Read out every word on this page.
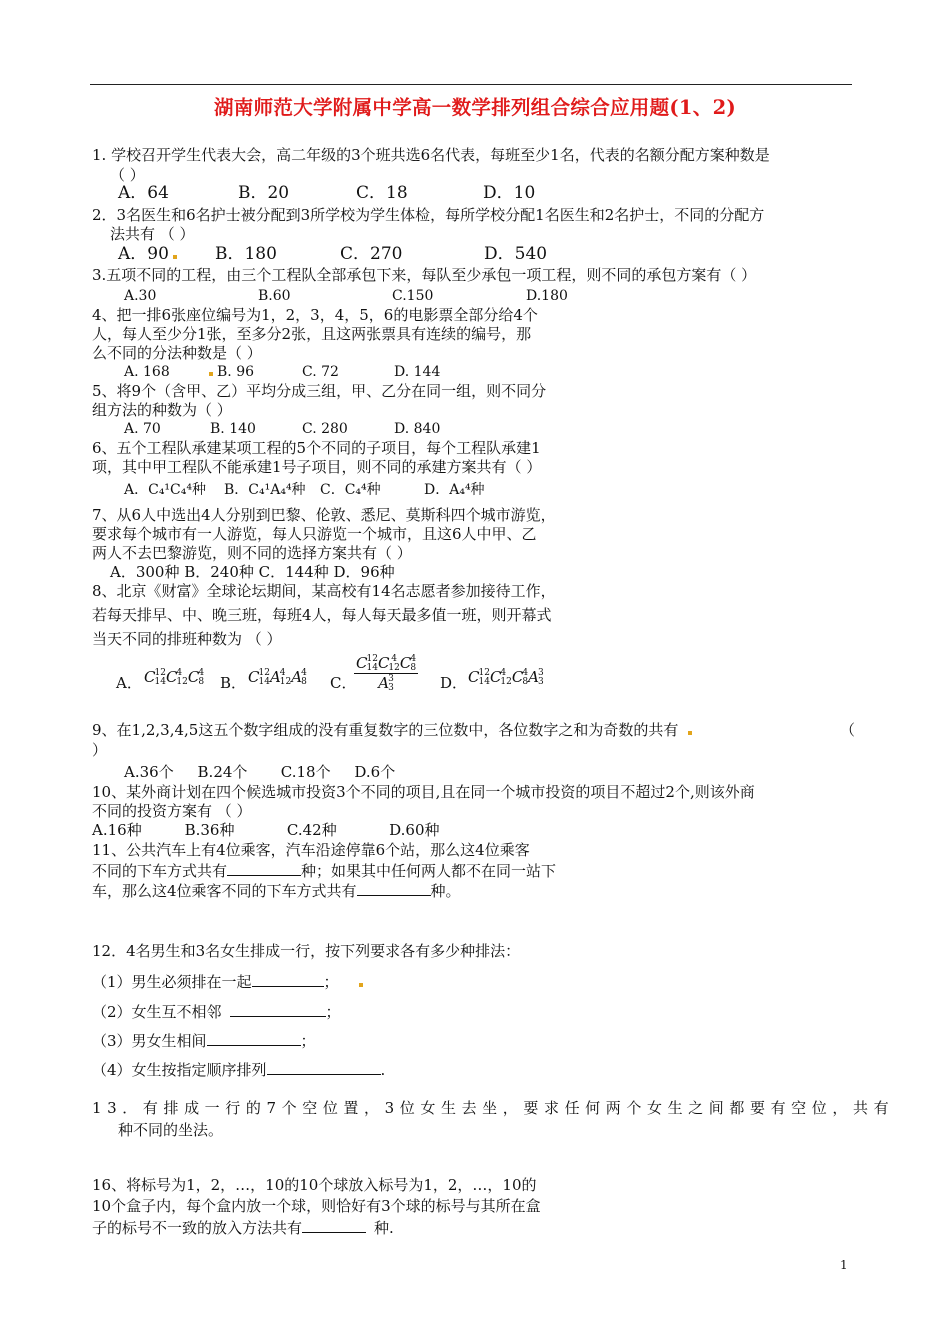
湖南师范大学附属中学高一数学排列组合综合应用题(1、2)
1. 学校召开学生代表大会，高二年级的3个班共选6名代表，每班至少1名，代表的名额分配方案种数是
（ ）
A．64	B．20	C．18	D．10
2．3名医生和6名护士被分配到3所学校为学生体检，每所学校分配1名医生和2名护士，不同的分配方
法共有 （ ）
A．90	B．180	C．270	D．540
3.五项不同的工程，由三个工程队全部承包下来，每队至少承包一项工程，则不同的承包方案有（ ）
A.30	B.60	C.150	D.180
4、把一排6张座位编号为1，2，3，4，5，6的电影票全部分给4个
人，每人至少分1张，至多分2张，且这两张票具有连续的编号，那
么不同的分法种数是（ ）
A. 168	B. 96	C. 72	D. 144
5、将9个（含甲、乙）平均分成三组，甲、乙分在同一组，则不同分
组方法的种数为（ ）
A. 70	B. 140	C. 280	D. 840
6、五个工程队承建某项工程的5个不同的子项目，每个工程队承建1
项，其中甲工程队不能承建1号子项目，则不同的承建方案共有（ ）
A．C₄¹C₄⁴种 B．C₄¹A₄⁴种 C．C₄⁴种	D．A₄⁴种
7、从6人中选出4人分别到巴黎、伦敦、悉尼、莫斯科四个城市游览，
要求每个城市有一人游览，每人只游览一个城市，且这6人中甲、乙
两人不去巴黎游览，则不同的选择方案共有（ ）
A．300种 B．240种 C．144种 D．96种
8、北京《财富》全球论坛期间，某高校有14名志愿者参加接待工作，
若每天排早、中、晚三班，每班4人，每人每天最多值一班，则开幕式
当天不同的排班种数为 （ ）
A． C 12
14 C 4
12 C 4
8 B． C 12
14 A 4
12 A 4
8 C．
C 12
14 C 4
12 C 4
8
A 3
3 D． C 12
14 C 4
12 C 4
8 A 3
3
9、在1,2,3,4,5这五个数字组成的没有重复数字的三位数中，各位数字之和为奇数的共有	（
）
A.36个     B.24个       C.18个     D.6个
10、某外商计划在四个候选城市投资3个不同的项目,且在同一个城市投资的项目不超过2个,则该外商
不同的投资方案有 （ ）
A.16种         B.36种           C.42种           D.60种
11、公共汽车上有4位乘客，汽车沿途停靠6个站，那么这4位乘客
不同的下车方式共有	种；如果其中任何两人都不在同一站下
车，那么这4位乘客不同的下车方式共有	种。
12．4名男生和3名女生排成一行，按下列要求各有多少种排法：
（1）男生必须排在一起	；
（2）女生互不相邻	；
（3）男女生相间	；
（4）女生按指定顺序排列	.
13．有排成一行的7个空位置，3位女生去坐，要求任何两个女生之间都要有空位，共有
种不同的坐法。
16、将标号为1，2，…，10的10个球放入标号为1，2，…，10的
10个盒子内，每个盒内放一个球，则恰好有3个球的标号与其所在盒
子的标号不一致的放入方法共有	种.
1
